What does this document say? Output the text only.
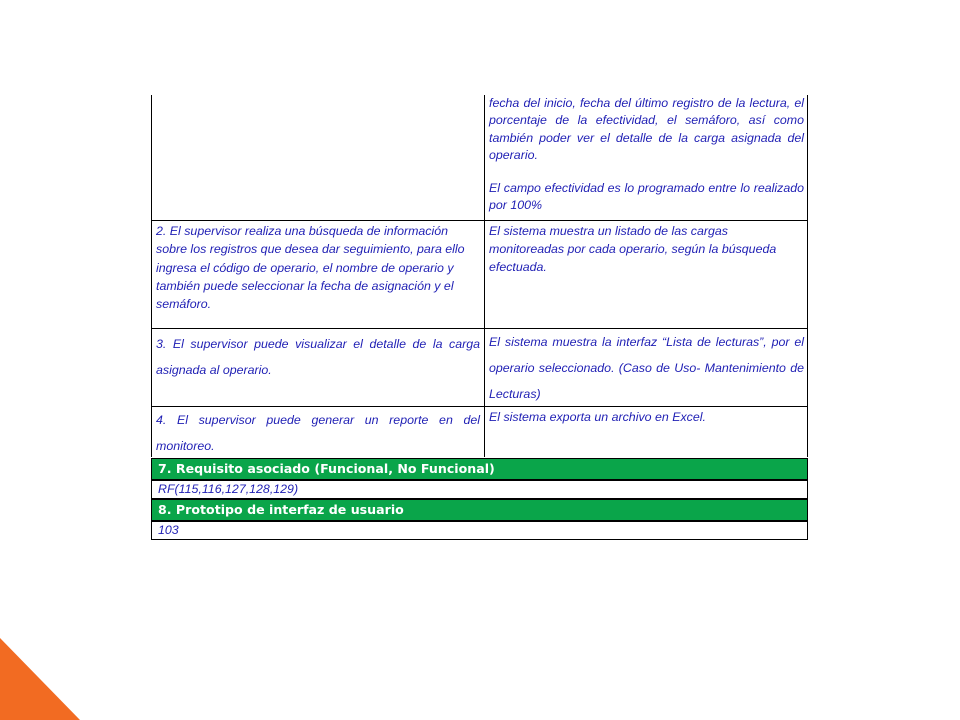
fecha del inicio, fecha del último registro de la lectura, el porcentaje de la efectividad, el semáforo, así como también poder ver el detalle de la carga asignada del operario.

El campo efectividad es lo programado entre lo realizado por 100%

2. El supervisor realiza una búsqueda de información sobre los registros que desea dar seguimiento, para ello ingresa el código de operario, el nombre de operario y también puede seleccionar la fecha de asignación y el semáforo.
El sistema muestra un listado de las cargas monitoreadas por cada operario, según la búsqueda efectuada.
3. El supervisor puede visualizar el detalle de la carga asignada al operario.
El sistema muestra la interfaz “Lista de lecturas”, por el operario seleccionado. (Caso de Uso- Mantenimiento de Lecturas)
4. El supervisor puede generar un reporte en del monitoreo.
El sistema exporta un archivo en Excel.
7. Requisito asociado (Funcional, No Funcional)
RF(115,116,127,128,129)
8. Prototipo de interfaz de usuario
103
